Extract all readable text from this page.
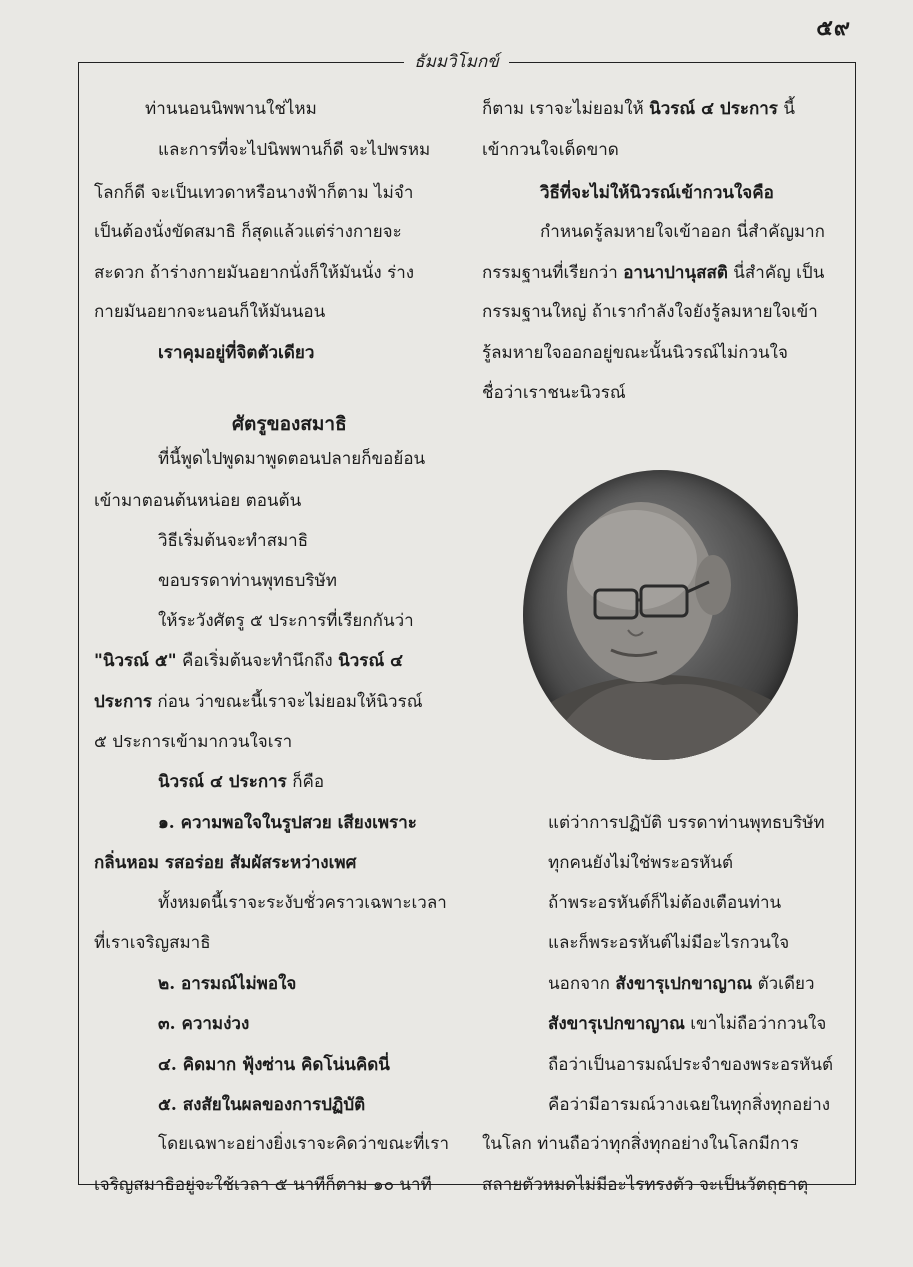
๕๙
ธัมมวิโมกข์
ท่านนอนนิพพานใช่ไหม
และการที่จะไปนิพพานก็ดี จะไปพรหม
โลกก็ดี จะเป็นเทวดาหรือนางฟ้าก็ตาม ไม่จำ
เป็นต้องนั่งขัดสมาธิ ก็สุดแล้วแต่ร่างกายจะ
สะดวก ถ้าร่างกายมันอยากนั่งก็ให้มันนั่ง ร่าง
กายมันอยากจะนอนก็ให้มันนอน
เราคุมอยู่ที่จิตตัวเดียว
ศัตรูของสมาธิ
ที่นี้พูดไปพูดมาพูดตอนปลายก็ขอย้อน
เข้ามาตอนต้นหน่อย ตอนต้น
วิธีเริ่มต้นจะทำสมาธิ
ขอบรรดาท่านพุทธบริษัท
ให้ระวังศัตรู ๕ ประการที่เรียกกันว่า
"นิวรณ์ ๕" คือเริ่มต้นจะทำนึกถึง นิวรณ์ ๔
ประการ ก่อน ว่าขณะนี้เราจะไม่ยอมให้นิวรณ์
๕ ประการเข้ามากวนใจเรา
นิวรณ์ ๔ ประการ ก็คือ
๑. ความพอใจในรูปสวย เสียงเพราะ
กลิ่นหอม รสอร่อย สัมผัสระหว่างเพศ
ทั้งหมดนี้เราจะระงับชั่วคราวเฉพาะเวลา
ที่เราเจริญสมาธิ
๒. อารมณ์ไม่พอใจ
๓. ความง่วง
๔. คิดมาก ฟุ้งซ่าน คิดโน่นคิดนี่
๕. สงสัยในผลของการปฏิบัติ
โดยเฉพาะอย่างยิ่งเราจะคิดว่าขณะที่เรา
เจริญสมาธิอยู่จะใช้เวลา ๕ นาทีก็ตาม ๑๐ นาที
ก็ตาม เราจะไม่ยอมให้ นิวรณ์ ๔ ประการ นี้
เข้ากวนใจเด็ดขาด
วิธีที่จะไม่ให้นิวรณ์เข้ากวนใจคือ
กำหนดรู้ลมหายใจเข้าออก นี่สำคัญมาก
กรรมฐานที่เรียกว่า อานาปานุสสติ นี่สำคัญ เป็น
กรรมฐานใหญ่ ถ้าเรากำลังใจยังรู้ลมหายใจเข้า
รู้ลมหายใจออกอยู่ขณะนั้นนิวรณ์ไม่กวนใจ
ชื่อว่าเราชนะนิวรณ์
แต่ว่าการปฏิบัติ บรรดาท่านพุทธบริษัท
ทุกคนยังไม่ใช่พระอรหันต์
ถ้าพระอรหันต์ก็ไม่ต้องเตือนท่าน
และก็พระอรหันต์ไม่มีอะไรกวนใจ
นอกจาก สังขารุเปกขาญาณ ตัวเดียว
สังขารุเปกขาญาณ เขาไม่ถือว่ากวนใจ
ถือว่าเป็นอารมณ์ประจำของพระอรหันต์
คือว่ามีอารมณ์วางเฉยในทุกสิ่งทุกอย่าง
ในโลก ท่านถือว่าทุกสิ่งทุกอย่างในโลกมีการ
สลายตัวหมดไม่มีอะไรทรงตัว จะเป็นวัตถุธาตุ
